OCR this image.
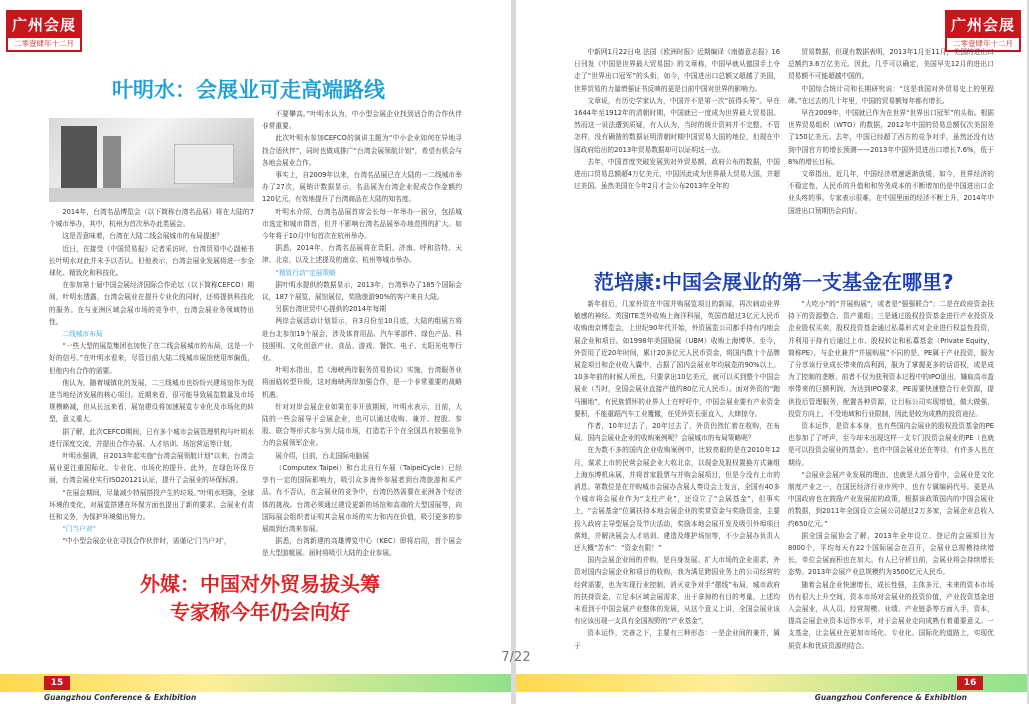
广州会展
二零壹肆年十二月
叶明水：会展业可走高端路线

2014年，台湾名品博览会（以下简称台湾名品展）将在大陆的7个城市举办，其中，杭州为首次举办此类展会。

这是否意味着，台湾在大陆二线会展城市的布局提速？

近日，在接受《中国贸易报》记者采访时，台湾贸易中心副秘书长叶明水对此并未予以否认。但他表示，台湾会展业发展将进一步全球化、精致化和科技化。

在参加第十届中国会展经济国际合作论坛（以下简称CEFCO）期间，叶明水透露，台湾会展业在提升专业化的同时，还将提供科技化的服务。在与亚洲区域会展市场的竞争中，台湾会展业务领域特出性。

二线城市布局

“一些大型的展览集团也加快了在二线会展城市的布局，这是一个好的信号。”在叶明水看来，尽管目前大陆二线城市展馆使用率偏低，但他内有合作的需要。

他认为，随着城镇化的发展，二三线城市也纷纷兴建场馆作为促进当地经济发展的核心项目。近期来看，很可能导致展览数量及市场规模略减，但从长远来看，展馆建设将加速展览专业化及市场化的转型，意义重大。

据了解，此次CEFCO期间，已有多个城市会展管理机构与叶明水进行深度交流，并提出合作办展、人才培训、场馆营运等计划。

叶明水强调，自2013年起实施“台湾会展领航计划”以来，台湾会展业更注重国际化、专业化、市场化的提升。此外，在绿色环保方面，台湾会展业实行ISO20121认证，提升了会展业的环保标准。

“在展会期间，尽量减少特展搭投产生的垃圾。”叶明水坦陈，全球环境的变化，对展览搭建在环保方面也提出了新的要求，会展业有责任和义务，为保护环境做出努力。

“门当户对”

“中小型会展企业在寻找合作伙伴时，需谨记‘门当户对’，

不要攀高。”叶明水认为，中小型会展企业找到适合的合作伙伴非常重要。

此次叶明水参加CEFCO的演讲主题为“中小企业如何在异地寻找合适伙伴”，同时也做成推广“台湾会展领航计划”，希望有机会与各地会展业合作。

事实上，自2009年以来，台湾名品展已在大陆的一二线城市举办了27次，展销计数据显示，名品展为台湾企业促成合作金额约120亿元，有效地提升了台湾商品在大陆的知名度。

叶明水介绍，台湾名品展首席会长每一年举办一届分，包括城市选定和城市群首，但并不影响台湾名品展举办地范围的扩大。如今年将于10月中旬首次在杭州举办。

据悉，2014年，台湾名品展将在贵阳、济南、呼和浩特、天津、北京，以及上述提及的南京、杭州等城市举办。

“精致行动”定展策略

据叶明水提供的数据显示，2013年，台湾举办了185个国际会议，187个展览，展馆展位，奖励旅游90%的客户来自大陆。

另据台湾世贸中心提供的2014年每期

两岸会展活动计划显示，自3月份至10月底，大陆的组展方将赴台北参加19个展会，涉及体育用品、汽车零部件、绿色产品、科技照明、文化创意产业、食品、游戏、餐饮、电子、太阳光电等行业。

叶明水指出，若《海峡两岸服务贸易协议》实施，台湾服务业将面临转型升级，这对海峡两岸加强合作，是一个非常重要的战略机遇。

针对对岸会展企业如果在非开放期间，叶明水表示，目前，大陆的一些会展导于会展企业，也可以通过收购、兼并、控股、参股、联合等形式参与到大陆市场，打造若干个在全国具有较强竞争力的会展领军企业。

展介绍，目前，台北国际电脑展

（Computex Taipei）和台北自行车展（TaipeiCycle）已经享有一定的国际影响力，吸引众多海外参展者到台湾旅游和买产品。有不否认，在会展业的竞争中，台湾仍然需要在亚洲各个经济体的挑战。台湾必须通过建设更新的场馆和高端的大型国展等，向国际展会组织者证明其会展市场的实力和内在价值，吸引更多的参展商到台湾来参展。

据悉，台湾新建的高雄博览中心（KEC）即将启用，首个展会是大型游艇展。届时将吸引大陆的企业参展。

外媒：中国对外贸易拔头筹
专家称今年仍会向好
15
Guangzhou Conference & Exhibition
广州会展
二零壹肆年十二月

中新网1月22日电 法国《欧洲时报》近期编译《南德意志报》16日刊发《中国是世界最大贸易国》的文章称，中国早就从德国手上夺走了“世界出口冠军”的头衔，如今，中国进出口总额又超越了美国，世界贸易的力量增强证书反映的更是目前中国对世界的影响力。

文章说，有历史学家认为，中国并不是第一次“拔得头筹”。早在1644年至1912年的清朝时期，中国就已一度成为世界最大贸易国。然而这一说法遭到质疑，有人认为，当时的统计资料并不完整。不管怎样，没有确凿的数据证明清朝时期中国贸易大国的地位，但现在中国政府给出的2013年贸易数据却可以证明这一点。

去年，中国首度突破发展到对外贸易额，政府公布的数据，中国进出口贸易总额超4万亿美元，中国因此成为世界最大贸易大国，并超过美国。虽然美国在今年2月才会公布2013年全年的

贸易数据，但现有数据表明，2013年1月至11月，美国的进出口总额约3.6万亿美元。因此，几乎可以确定，美国早先12月的进出口贸易额不可能超越中国的。

中国综合统计司和长期研究说：“这是我国对外贸易史上的里程碑。”在过去的几十年里，中国的贸易额每年都有增长。

早在2009年，中国就已作为在世界“世界出口冠军”的头衔。根据世界贸易组织（WTO）的数据，2012年中国的贸易总额仅次美国差了150亿美元。去年，中国已经超了西方的竞争对手，虽然还没有达到中国官方的增长预测——2013年中国外贸进出口增长7.6%，低于8%的增长目标。

文章指出，近几年，中国经济增速逐渐放缓，如今，世界经济的不稳定性，人民币的升值和和劳务成本的不断增加仍是中国进出口企业头疼的事。专家表示很难，在中国里面的经济不断上升，2014年中国进出口预期仍会向好。

范培康:中国会展业的第一支基金在哪里?

新年前后，几家外资在中国并购展览项目的新闻，再次刺动业界敏感的神经。英国ITE芝外收购上海洋科展，英国首超过3亿元人民币收购南京博览会，上世纪90年代开始，外资展览公司都手持有内地会展企业和项目。如1998年美国励展（UBM）收购上海博华。至今，外资用了近20年时间，累计20多亿元人民币资金，将国内数十个品牌展览项目和企业收入囊中，占据了国内会展业年均展览的90%以上。10多年前的时候人所也，只要拿出10亿美元，就可以买到整个中国会展业（当时，全国会展业直接产值约80亿元人民币）。面对外资的“跑马圈地”，有民族情怀的业界人士在呼吁中，中国会展业要有产业资金要积，不能重蹈汽车工业覆辙，任凭外资长驱直入，大肆掠夺。

作者，10年过去了，20年过去了，外资仍然忙着在收购，在布局，国内会展业企业的收购案例呢？会展城市的布局策略呢？

在为数不多的国内企业收购案例中，比较亮眼的是在2010年12月，谋求上市的民营会展企业大收北京，以现金及股权置换方式兼组上海东博机床展，并将首家股票与并购会展项目，但是今没有上市的消息。第数位是在并购城市会展办含展人奏设会上发言，全国有40多个城市将会展业作为“支柱产业”，还设立了“会展基金”，但事实上，“会展基金”位属扶持本地会展企业的奖赏资金与奖励资金，主要投入政府主导型展会及节庆活动，奖励本地会展开发及吸引外埠项目落地，并解决展会人才培训、建造及维护场馆等，不少会展办负责人还大概“苦水”：“资金有限！”

国内会展企业间的并购，是自身发展、扩大市场的企业需求，外资对国内会展企业和项目的收购，我为满足跨国业务上的公司经营的经营需要，也为实现行业控制，消灭竞争对手“摆线”布局，城市政府的扶持资金，立足本区域会展需求，出于拿掉的有目的考量，上述均未看到于中国会展产业整体的发展，从这个意义上讲，全国会展业该有应该出现一支具有全国视野的“产业基金”，

资本运作，完善之下，主要有三种形态：一是企业间的兼并，属于

“大吃小”的“并展购展”，或者是“强强联合”；二是在政府资金扶持下的资源整合、资产重组；三是通过股权投资基金进行产业投资及企业股权买卖，股权投资基金通过私募形式对企业进行权益性投资，并利用于持有后通过上市、股权转让和私募基金（Private Equity，简称PE），与企业兼并“并展购展”不同的是，PE属于产业投资，服为了分享该行业成长带来的高利润，服为了掌握更多的话语权，或是成为了控制的垄断，前者不仅为获利资本过程中的IPO退出，嫌取高市盈率带来的巨额利润，为达到IPO要求，PE需要快速整合行业资源，提供投后管理服务，配置各种资源，让目标公司实现增值，做大做强，投资方向上，不受地域和行业限制，因此是较为成熟的投资途径。

资本运作，是资本本身，也有些国内会展业的股权投资基金的PE也参加了了呼声，至今却未出现这样一支专门投资会展业的PE（也就是可以投资会展业的基金）。也许中国会展业还在等待，有许多人也在期待。

“会展业会展产业发展的理由，也就是大部分看中，会展业是文化制度产业之一，在国民经济行业序列中，也有专属编码代号。更是从中国政府也在鼓励产业发展前的政策，根据该政策国内的中国会展业的数据，到2011年全国设立会展公司超过2万多家，会展企业总收入约650亿元。”

据全国会展协会了解，2013年全年设立、登记的会展项目为8000个，平均每天有22个国际展会在召开，会展业总规模持续增长，单位会展面积也在加大。有人已分析目前，会展业将会持续增长态势。2013年会展产业总规模约为3500亿元人民币。

随着会展企业快速增长，成长性强，主体多元，未来的资本市场仍有很大上升空间，资本市场对会展业的投资价值，产业投资基金进入会展业，从人员、经营规模、业绩、产业链条等方面入手，资本，提高会展企业资本运作水平，对于会展业走向成熟有着重要意义。一支基金，让会展业在更加市场化、专业化、国际化的道路上，实现优质资本和优质资源的结合。

16
Guangzhou Conference & Exhibition
7/22
